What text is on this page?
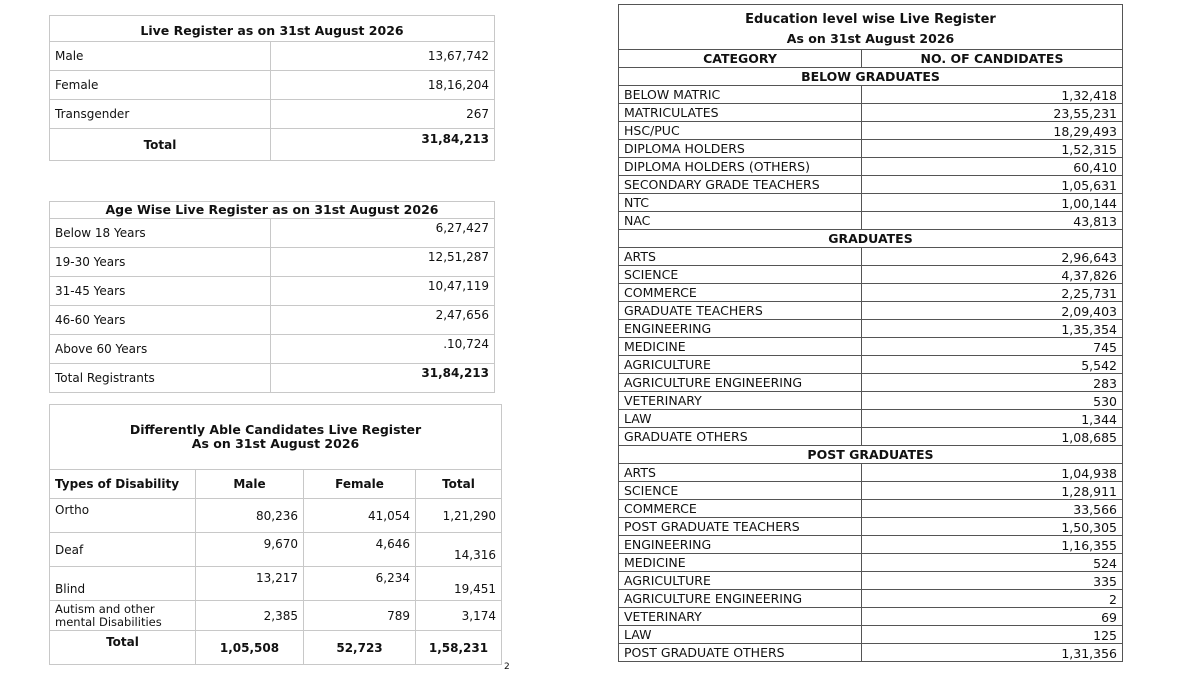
Live Register as on 31st August 2026	
Male	13,67,742
Female	18,16,204
Transgender	267
Total	31,84,213
Age Wise Live Register as on 31st August 2026	
Below 18 Years	6,27,427
19-30 Years	12,51,287
31-45 Years	10,47,119
46-60 Years	2,47,656
Above 60 Years	.10,724
Total Registrants	31,84,213
Differently Able Candidates Live Register
As on 31st August 2026			

Types of Disability	Male	Female	Total
Ortho	80,236	41,054	1,21,290
Deaf	9,670	4,646	14,316
Blind	13,217	6,234	19,451
Autism and other mental Disabilities	2,385	789	3,174
Total	1,05,508	52,723	1,58,231
2
Education level wise Live Register	
As on 31st August 2026	
CATEGORY	NO. OF CANDIDATES
BELOW GRADUATES	
BELOW MATRIC	1,32,418
MATRICULATES	23,55,231
HSC/PUC	18,29,493
DIPLOMA HOLDERS	1,52,315
DIPLOMA HOLDERS (OTHERS)	60,410
SECONDARY GRADE TEACHERS	1,05,631
NTC	1,00,144
NAC	43,813
GRADUATES	
ARTS	2,96,643
SCIENCE	4,37,826
COMMERCE	2,25,731
GRADUATE TEACHERS	2,09,403
ENGINEERING	1,35,354
MEDICINE	745
AGRICULTURE	5,542
AGRICULTURE ENGINEERING	283
VETERINARY	530
LAW	1,344
GRADUATE OTHERS	1,08,685
POST GRADUATES	
ARTS	1,04,938
SCIENCE	1,28,911
COMMERCE	33,566
POST GRADUATE TEACHERS	1,50,305
ENGINEERING	1,16,355
MEDICINE	524
AGRICULTURE	335
AGRICULTURE ENGINEERING	2
VETERINARY	69
LAW	125
POST GRADUATE OTHERS	1,31,356
